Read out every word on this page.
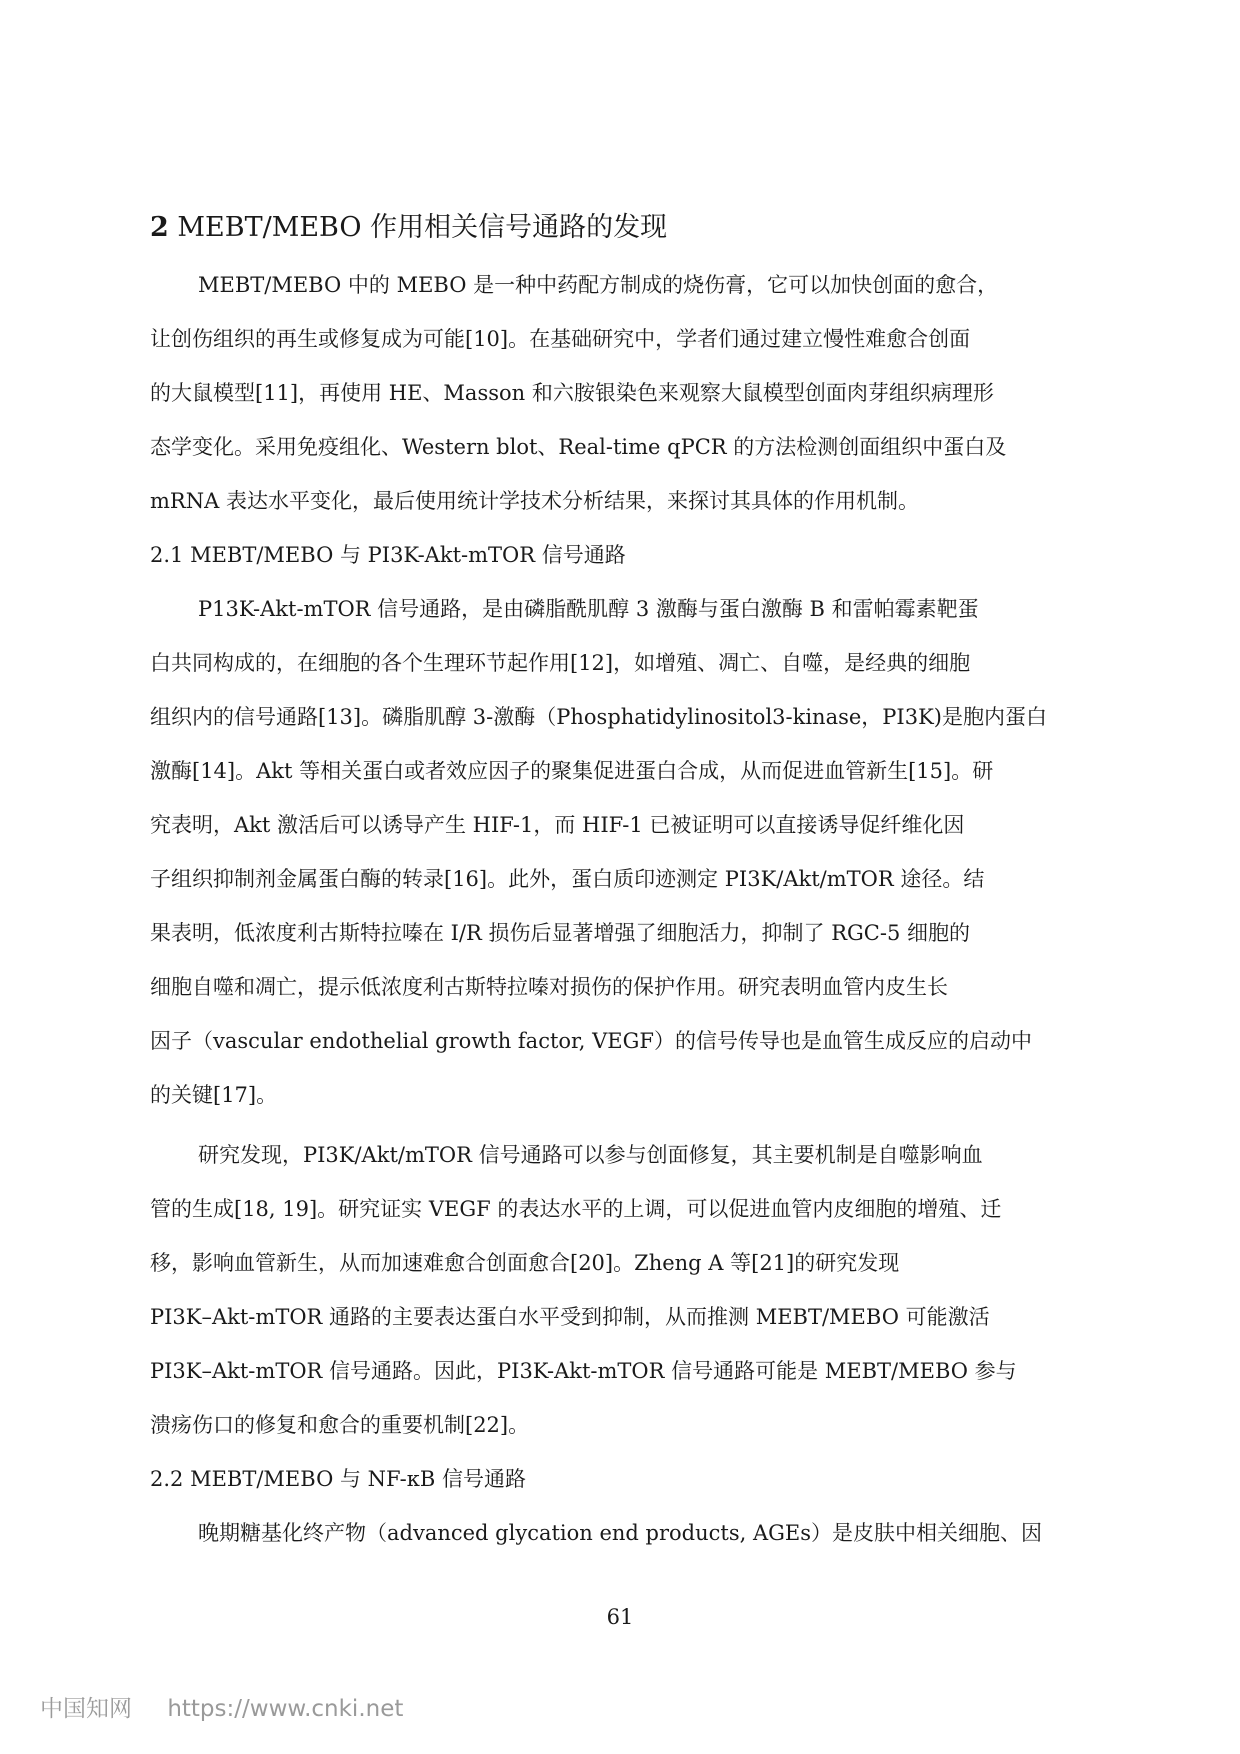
2 MEBT/MEBO 作用相关信号通路的发现

MEBT/MEBO 中的 MEBO 是一种中药配方制成的烧伤膏，它可以加快创面的愈合，
让创伤组织的再生或修复成为可能[10]。在基础研究中，学者们通过建立慢性难愈合创面
的大鼠模型[11]，再使用 HE、Masson 和六胺银染色来观察大鼠模型创面肉芽组织病理形
态学变化。采用免疫组化、Western blot、Real-time qPCR 的方法检测创面组织中蛋白及
mRNA 表达水平变化，最后使用统计学技术分析结果，来探讨其具体的作用机制。

2.1 MEBT/MEBO 与 PI3K-Akt-mTOR 信号通路

P13K-Akt-mTOR 信号通路，是由磷脂酰肌醇 3 激酶与蛋白激酶 B 和雷帕霉素靶蛋
白共同构成的，在细胞的各个生理环节起作用[12]，如增殖、凋亡、自噬，是经典的细胞
组织内的信号通路[13]。磷脂肌醇 3-激酶（Phosphatidylinositol3-kinase，PI3K)是胞内蛋白
激酶[14]。Akt 等相关蛋白或者效应因子的聚集促进蛋白合成，从而促进血管新生[15]。研
究表明，Akt 激活后可以诱导产生 HIF-1，而 HIF-1 已被证明可以直接诱导促纤维化因
子组织抑制剂金属蛋白酶的转录[16]。此外，蛋白质印迹测定 PI3K/Akt/mTOR 途径。结
果表明，低浓度利古斯特拉嗪在 I/R 损伤后显著增强了细胞活力，抑制了 RGC-5 细胞的
细胞自噬和凋亡，提示低浓度利古斯特拉嗪对损伤的保护作用。研究表明血管内皮生长
因子（vascular endothelial growth factor, VEGF）的信号传导也是血管生成反应的启动中
的关键[17]。

研究发现，PI3K/Akt/mTOR 信号通路可以参与创面修复，其主要机制是自噬影响血
管的生成[18, 19]。研究证实 VEGF 的表达水平的上调，可以促进血管内皮细胞的增殖、迁
移，影响血管新生，从而加速难愈合创面愈合[20]。Zheng A 等[21]的研究发现
PI3K–Akt-mTOR 通路的主要表达蛋白水平受到抑制，从而推测 MEBT/MEBO 可能激活
PI3K–Akt-mTOR 信号通路。因此，PI3K-Akt-mTOR 信号通路可能是 MEBT/MEBO 参与
溃疡伤口的修复和愈合的重要机制[22]。

2.2 MEBT/MEBO 与 NF-κB 信号通路

晚期糖基化终产物（advanced glycation end products, AGEs）是皮肤中相关细胞、因

61
中国知网 https://www.cnki.net
